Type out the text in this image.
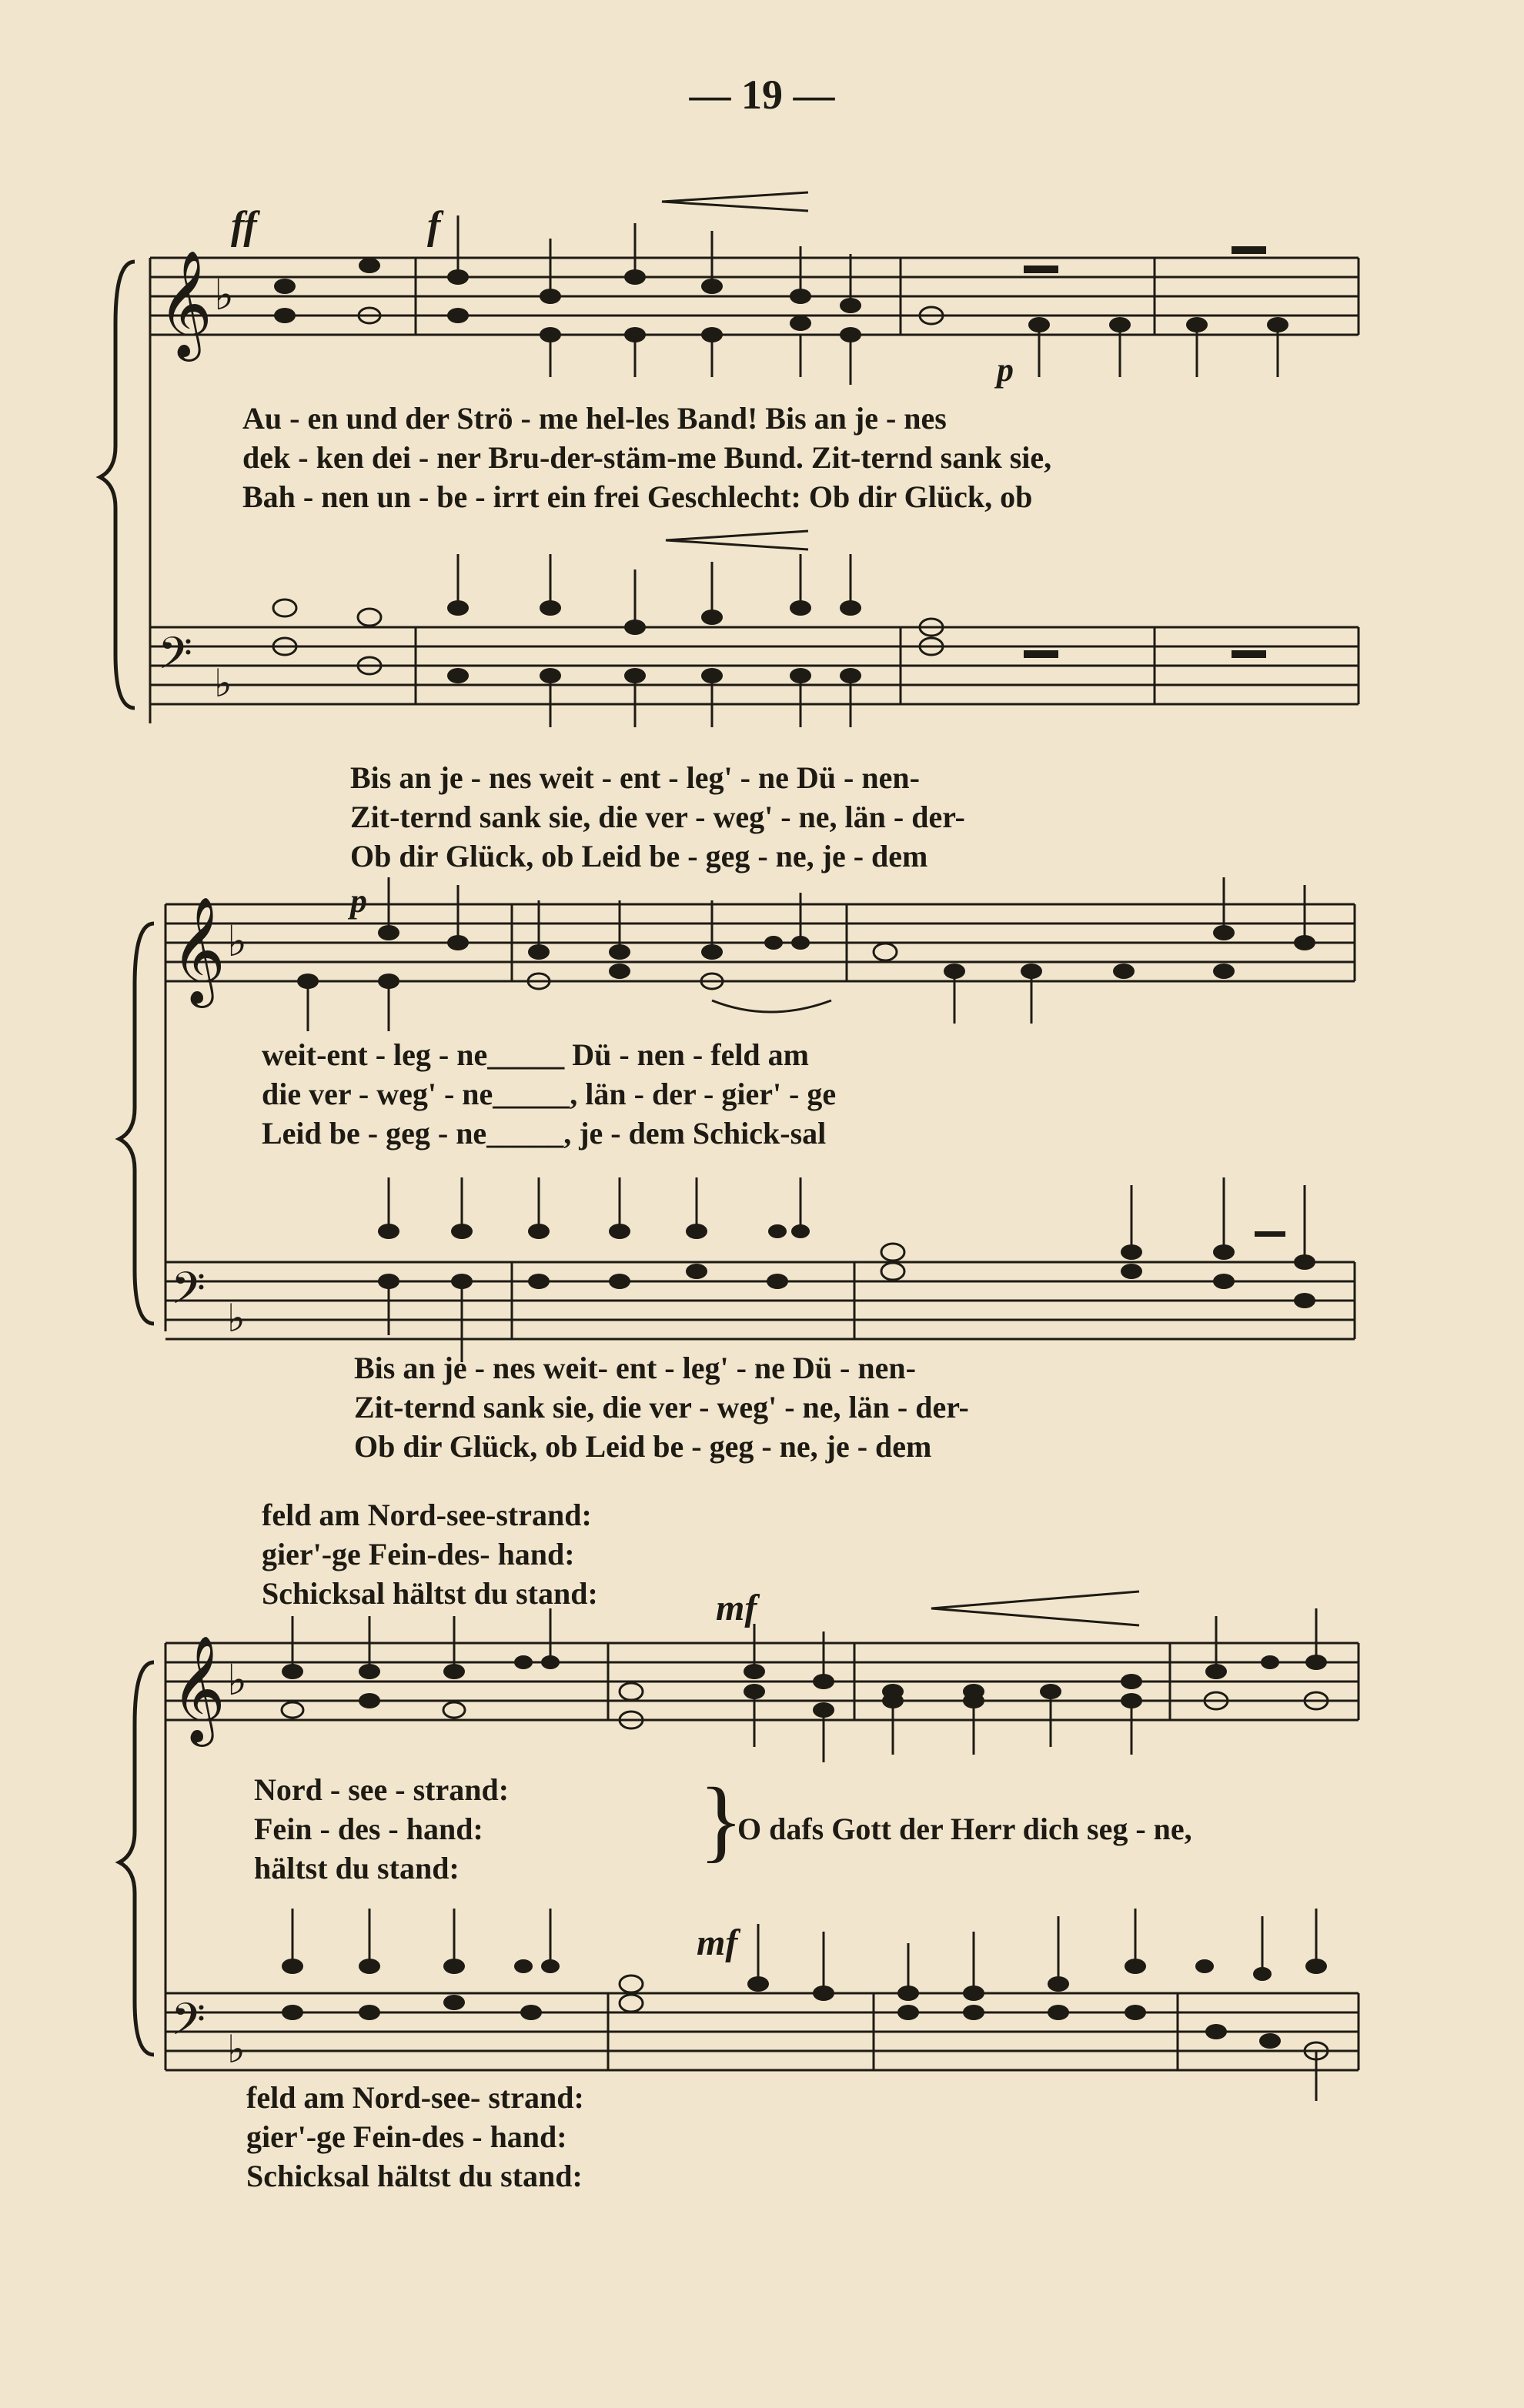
— 19 —
𝄞 ♭
ff	f
p
𝄢 ♭
𝄞 ♭
p
𝄢 ♭
𝄞 ♭
mf
𝄢 ♭
mf
Au - en und der Strö - me hel-les Band! Bis an je - nes
dek - ken dei - ner Bru-der-stäm-me Bund. Zit-ternd sank sie,
Bah - nen un - be - irrt ein frei Geschlecht: Ob dir Glück, ob
Bis an je - nes weit - ent - leg' - ne Dü - nen-
Zit-ternd sank sie, die ver - weg' - ne, län - der-
Ob dir Glück, ob Leid be - geg - ne, je - dem
weit-ent - leg - ne_____ Dü - nen - feld am
die ver - weg' - ne_____, län - der - gier' - ge
Leid be - geg - ne_____, je - dem Schick-sal
Bis an je - nes weit- ent - leg' - ne Dü - nen-
Zit-ternd sank sie, die ver - weg' - ne, län - der-
Ob dir Glück, ob Leid be - geg - ne, je - dem
feld am Nord-see-strand:
gier'-ge Fein-des- hand:
Schicksal hältst du stand:
Nord - see - strand:
Fein - des - hand:
hältst du stand:	}
O dafs Gott der Herr dich seg - ne,
feld am Nord-see- strand:
gier'-ge Fein-des - hand:
Schicksal hältst du stand:
